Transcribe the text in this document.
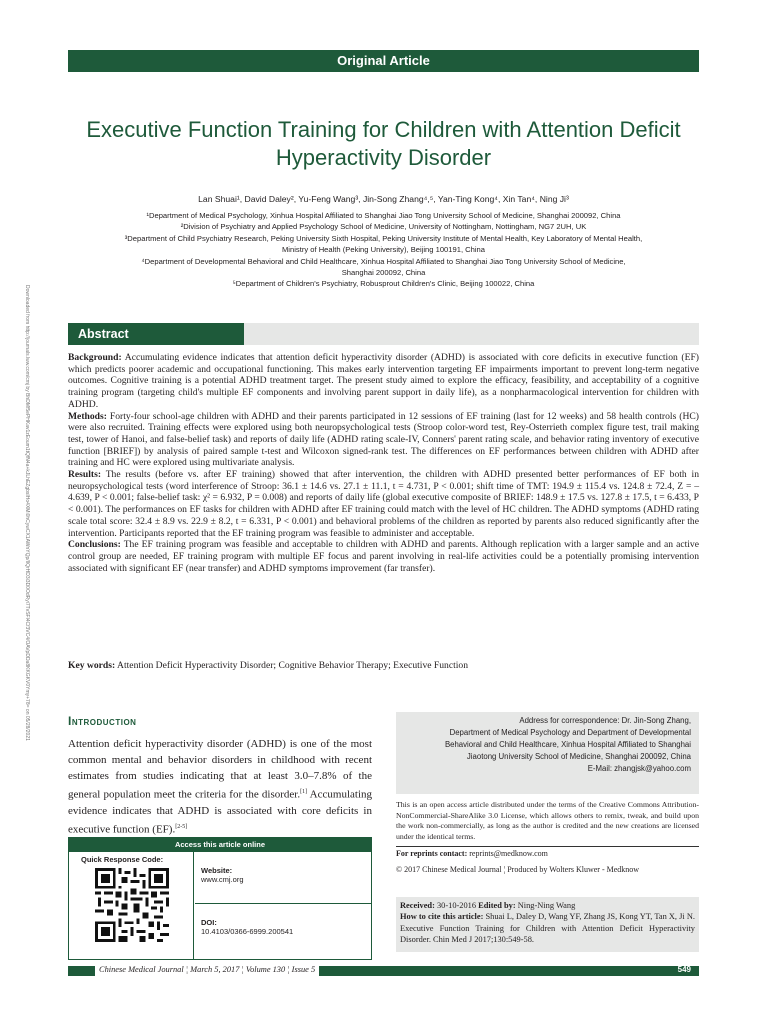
Original Article
Downloaded from http://journals.lww.com/cmj by BhDMf5ePHKav1zEoum1tQfN4a+kJLhEZgbsIHo4XMi0hCywCX1AWnYQp/IlQrHD3i3D0OdRyi7TvSFl4Cf3VC4/OAVpDDa8KKGKV0Ymy+78= on 05/28/2021
Executive Function Training for Children with Attention Deficit Hyperactivity Disorder
Lan Shuai¹, David Daley², Yu-Feng Wang³, Jin-Song Zhang⁴,⁵, Yan-Ting Kong⁴, Xin Tan⁴, Ning Ji³
¹Department of Medical Psychology, Xinhua Hospital Affiliated to Shanghai Jiao Tong University School of Medicine, Shanghai 200092, China
²Division of Psychiatry and Applied Psychology School of Medicine, University of Nottingham, Nottingham, NG7 2UH, UK
³Department of Child Psychiatry Research, Peking University Sixth Hospital, Peking University Institute of Mental Health, Key Laboratory of Mental Health,
Ministry of Health (Peking University), Beijing 100191, China
⁴Department of Developmental Behavioral and Child Healthcare, Xinhua Hospital Affiliated to Shanghai Jiao Tong University School of Medicine,
Shanghai 200092, China
⁵Department of Children's Psychiatry, Robusprout Children's Clinic, Beijing 100022, China
Abstract

Background: Accumulating evidence indicates that attention deficit hyperactivity disorder (ADHD) is associated with core deficits in executive function (EF) which predicts poorer academic and occupational functioning. This makes early intervention targeting EF impairments important to prevent long-term negative outcomes. Cognitive training is a potential ADHD treatment target. The present study aimed to explore the efficacy, feasibility, and acceptability of a cognitive training program (targeting child's multiple EF components and involving parent support in daily life), as a nonpharmacological intervention for children with ADHD.

Methods: Forty-four school-age children with ADHD and their parents participated in 12 sessions of EF training (last for 12 weeks) and 58 health controls (HC) were also recruited. Training effects were explored using both neuropsychological tests (Stroop color-word test, Rey-Osterrieth complex figure test, trail making test, tower of Hanoi, and false-belief task) and reports of daily life (ADHD rating scale-IV, Conners' parent rating scale, and behavior rating inventory of executive function [BRIEF]) by analysis of paired sample t-test and Wilcoxon signed-rank test. The differences on EF performances between children with ADHD after training and HC were explored using multivariate analysis.

Results: The results (before vs. after EF training) showed that after intervention, the children with ADHD presented better performances of EF both in neuropsychological tests (word interference of Stroop: 36.1 ± 14.6 vs. 27.1 ± 11.1, t = 4.731, P < 0.001; shift time of TMT: 194.9 ± 115.4 vs. 124.8 ± 72.4, Z = –4.639, P < 0.001; false-belief task: χ² = 6.932, P = 0.008) and reports of daily life (global executive composite of BRIEF: 148.9 ± 17.5 vs. 127.8 ± 17.5, t = 6.433, P < 0.001). The performances on EF tasks for children with ADHD after EF training could match with the level of HC children. The ADHD symptoms (ADHD rating scale total score: 32.4 ± 8.9 vs. 22.9 ± 8.2, t = 6.331, P < 0.001) and behavioral problems of the children as reported by parents also reduced significantly after the intervention. Participants reported that the EF training program was feasible to administer and acceptable.

Conclusions: The EF training program was feasible and acceptable to children with ADHD and parents. Although replication with a larger sample and an active control group are needed, EF training program with multiple EF focus and parent involving in real-life activities could be a potentially promising intervention associated with significant EF (near transfer) and ADHD symptoms improvement (far transfer).

Key words: Attention Deficit Hyperactivity Disorder; Cognitive Behavior Therapy; Executive Function
Introduction
Attention deficit hyperactivity disorder (ADHD) is one of the most common mental and behavior disorders in childhood with recent estimates from studies indicating that at least 3.0–7.8% of the general population meet the criteria for the disorder.[1] Accumulating evidence indicates that ADHD is associated with core deficits in executive function (EF).[2-5]
Access this article online
Quick Response Code:
Website:
www.cmj.org
DOI:
10.4103/0366-6999.200541
Address for correspondence: Dr. Jin-Song Zhang,
Department of Medical Psychology and Department of Developmental
Behavioral and Child Healthcare, Xinhua Hospital Affiliated to Shanghai
Jiaotong University School of Medicine, Shanghai 200092, China
E-Mail: zhangjsk@yahoo.com
This is an open access article distributed under the terms of the Creative Commons Attribution-NonCommercial-ShareAlike 3.0 License, which allows others to remix, tweak, and build upon the work non-commercially, as long as the author is credited and the new creations are licensed under the identical terms.
For reprints contact: reprints@medknow.com
© 2017 Chinese Medical Journal ¦ Produced by Wolters Kluwer - Medknow
Received: 30-10-2016 Edited by: Ning-Ning Wang
How to cite this article: Shuai L, Daley D, Wang YF, Zhang JS, Kong YT, Tan X, Ji N. Executive Function Training for Children with Attention Deficit Hyperactivity Disorder. Chin Med J 2017;130:549-58.
Chinese Medical Journal ¦ March 5, 2017 ¦ Volume 130 ¦ Issue 5	549
